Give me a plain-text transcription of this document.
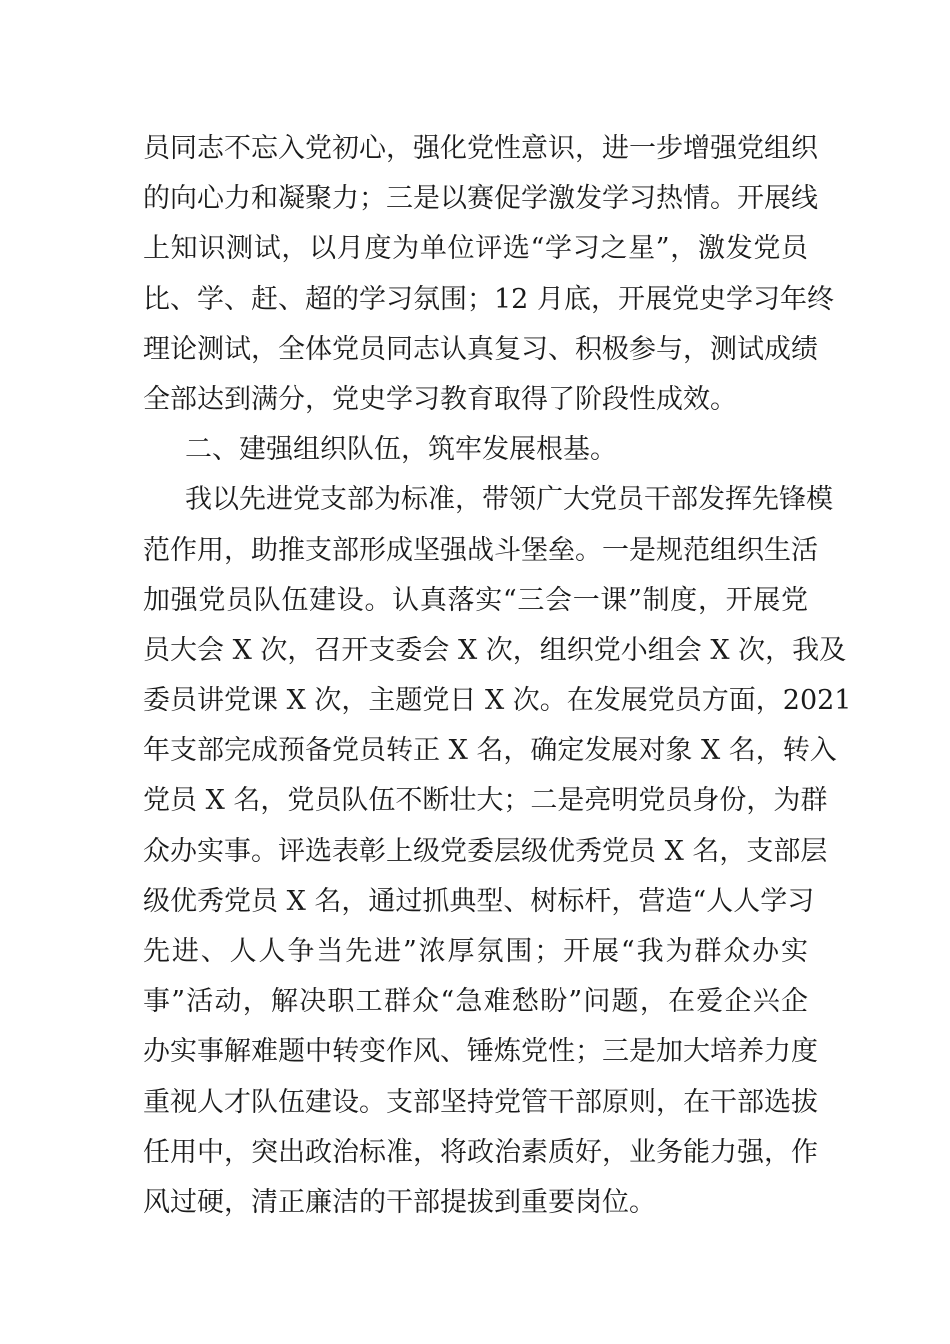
员同志不忘入党初心，强化党性意识，进一步增强党组织
的向心力和凝聚力；三是以赛促学激发学习热情。开展线
上知识测试，以月度为单位评选“学习之星”，激发党员
比、学、赶、超的学习氛围；12 月底，开展党史学习年终
理论测试，全体党员同志认真复习、积极参与，测试成绩
全部达到满分，党史学习教育取得了阶段性成效。
二、建强组织队伍，筑牢发展根基。
我以先进党支部为标准，带领广大党员干部发挥先锋模
范作用，助推支部形成坚强战斗堡垒。一是规范组织生活
加强党员队伍建设。认真落实“三会一课”制度，开展党
员大会 X 次，召开支委会 X 次，组织党小组会 X 次，我及
委员讲党课 X 次，主题党日 X 次。在发展党员方面，2021
年支部完成预备党员转正 X 名，确定发展对象 X 名，转入
党员 X 名，党员队伍不断壮大；二是亮明党员身份，为群
众办实事。评选表彰上级党委层级优秀党员 X 名，支部层
级优秀党员 X 名，通过抓典型、树标杆，营造“人人学习
先进、人人争当先进”浓厚氛围；开展“我为群众办实
事”活动，解决职工群众“急难愁盼”问题，在爱企兴企
办实事解难题中转变作风、锤炼党性；三是加大培养力度
重视人才队伍建设。支部坚持党管干部原则，在干部选拔
任用中，突出政治标准，将政治素质好，业务能力强，作
风过硬，清正廉洁的干部提拔到重要岗位。
